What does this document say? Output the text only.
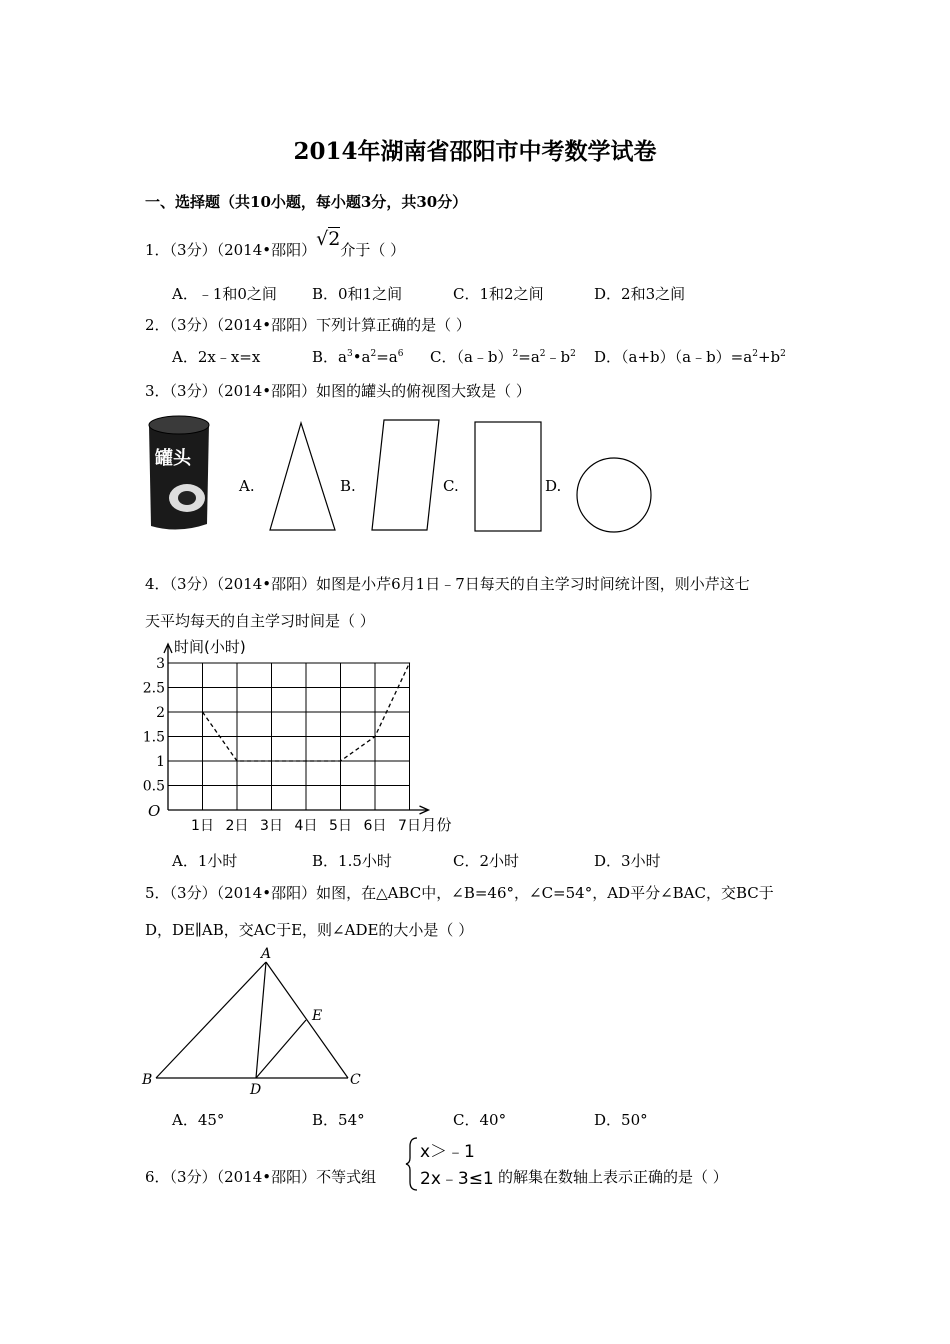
2014年湖南省邵阳市中考数学试卷
一、选择题（共10小题，每小题3分，共30分）
1．（3分）（2014•邵阳）√2介于（ ）
A．﹣1和0之间 B．0和1之间	C．1和2之间	D．2和3之间
2．（3分）（2014•邵阳）下列计算正确的是（ ）
A．2x﹣x=x	B．$a^3•a^2=a^6$ C．$(a﹣b)^2=a^2﹣b^2$ D．$(a+b)(a﹣b)=a^2+b^2$
3．（3分）（2014•邵阳）如图的罐头的俯视图大致是（ ）
罐头
A.	B.	C.	D.
4．（3分）（2014•邵阳）如图是小芹6月1日﹣7日每天的自主学习时间统计图，则小芹这七
天平均每天的自主学习时间是（ ）
0.5
1
1.5
2
2.5
3
1日 2日 3日 4日 5日 6日 7日
时间(小时)
月份
O
A．1小时	B．1.5小时	C．2小时	D．3小时
5．（3分）（2014•邵阳）如图，在△ABC中，∠B=46°，∠C=54°，AD平分∠BAC，交BC于
D，DE∥AB，交AC于E，则∠ADE的大小是（ ）
A
B	C
D
E
A．45°	B．54°	C．40°	D．50°
6．（3分）（2014•邵阳）不等式组
x＞﹣1
2x﹣3≤1 的解集在数轴上表示正确的是（ ）
